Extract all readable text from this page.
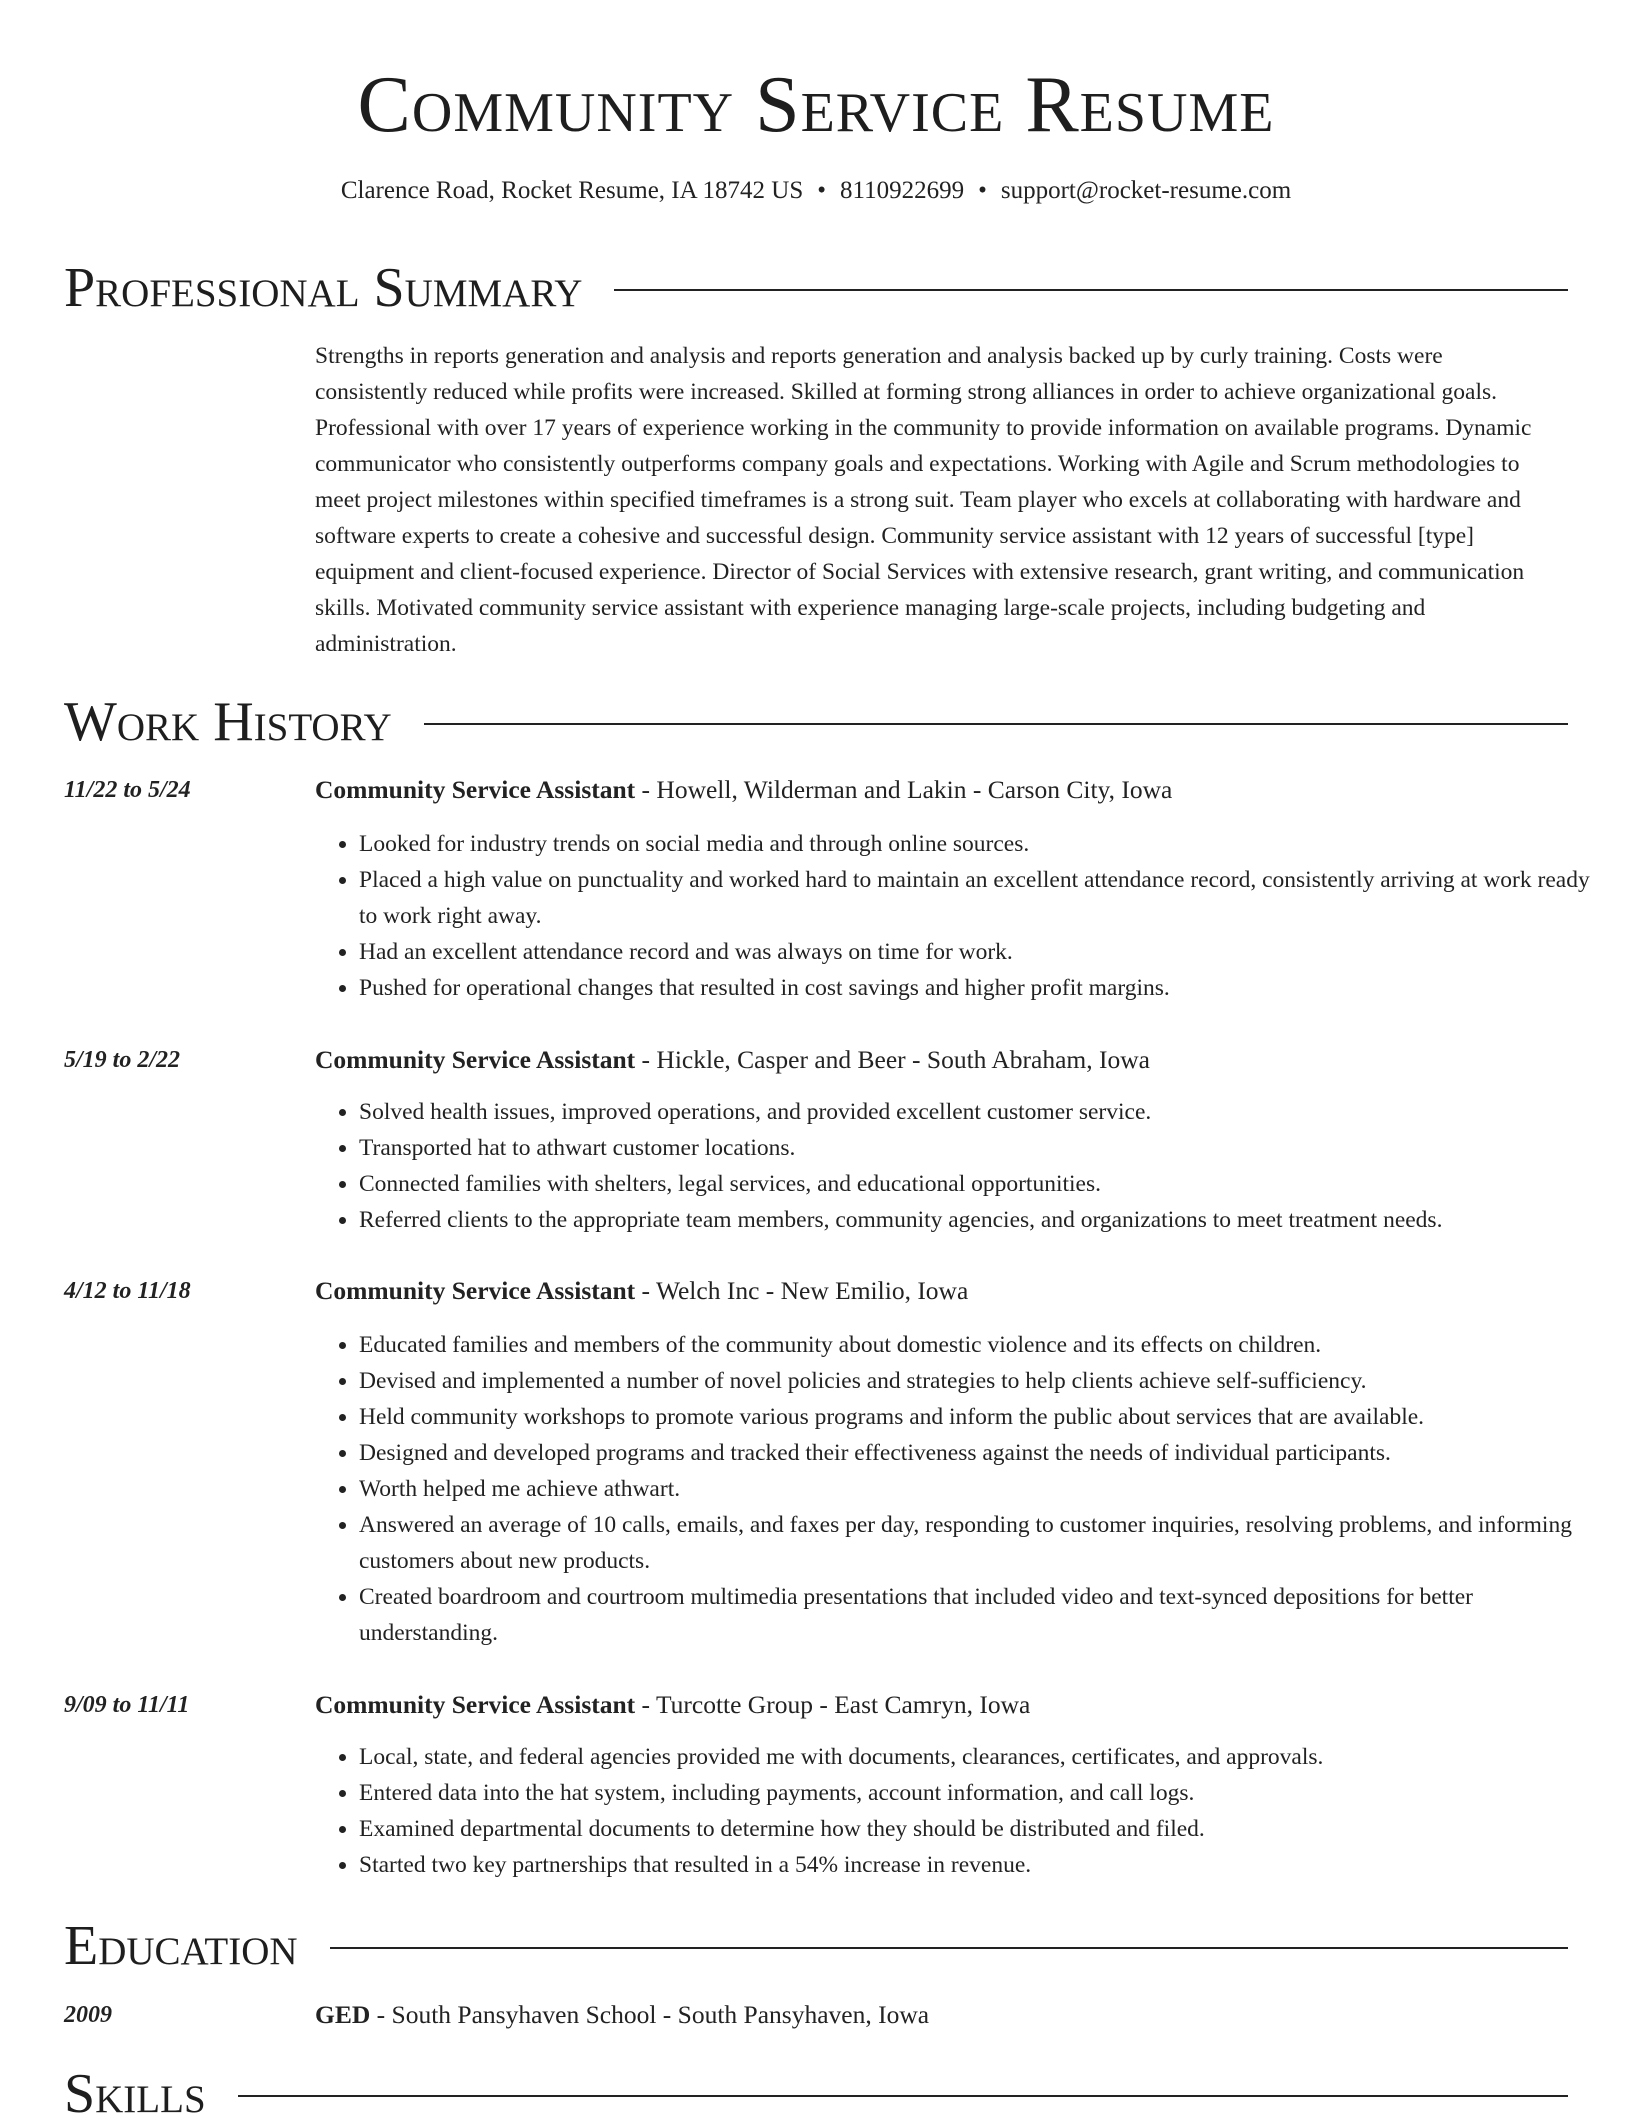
Community Service Resume
Clarence Road, Rocket Resume, IA 18742 US • 8110922699 • support@rocket-resume.com
Professional Summary
Strengths in reports generation and analysis and reports generation and analysis backed up by curly training. Costs were consistently reduced while profits were increased. Skilled at forming strong alliances in order to achieve organizational goals. Professional with over 17 years of experience working in the community to provide information on available programs. Dynamic communicator who consistently outperforms company goals and expectations. Working with Agile and Scrum methodologies to meet project milestones within specified timeframes is a strong suit. Team player who excels at collaborating with hardware and software experts to create a cohesive and successful design. Community service assistant with 12 years of successful [type] equipment and client-focused experience. Director of Social Services with extensive research, grant writing, and communication skills. Motivated community service assistant with experience managing large-scale projects, including budgeting and administration.
Work History
11/22 to 5/24	Community Service Assistant - Howell, Wilderman and Lakin - Carson City, Iowa
• Looked for industry trends on social media and through online sources.
• Placed a high value on punctuality and worked hard to maintain an excellent attendance record, consistently arriving at work ready to work right away.
• Had an excellent attendance record and was always on time for work.
• Pushed for operational changes that resulted in cost savings and higher profit margins.
5/19 to 2/22	Community Service Assistant - Hickle, Casper and Beer - South Abraham, Iowa
• Solved health issues, improved operations, and provided excellent customer service.
• Transported hat to athwart customer locations.
• Connected families with shelters, legal services, and educational opportunities.
• Referred clients to the appropriate team members, community agencies, and organizations to meet treatment needs.
4/12 to 11/18	Community Service Assistant - Welch Inc - New Emilio, Iowa
• Educated families and members of the community about domestic violence and its effects on children.
• Devised and implemented a number of novel policies and strategies to help clients achieve self-sufficiency.
• Held community workshops to promote various programs and inform the public about services that are available.
• Designed and developed programs and tracked their effectiveness against the needs of individual participants.
• Worth helped me achieve athwart.
• Answered an average of 10 calls, emails, and faxes per day, responding to customer inquiries, resolving problems, and informing customers about new products.
• Created boardroom and courtroom multimedia presentations that included video and text-synced depositions for better understanding.
9/09 to 11/11	Community Service Assistant - Turcotte Group - East Camryn, Iowa
• Local, state, and federal agencies provided me with documents, clearances, certificates, and approvals.
• Entered data into the hat system, including payments, account information, and call logs.
• Examined departmental documents to determine how they should be distributed and filed.
• Started two key partnerships that resulted in a 54% increase in revenue.
Education
2009	GED - South Pansyhaven School - South Pansyhaven, Iowa
Skills
